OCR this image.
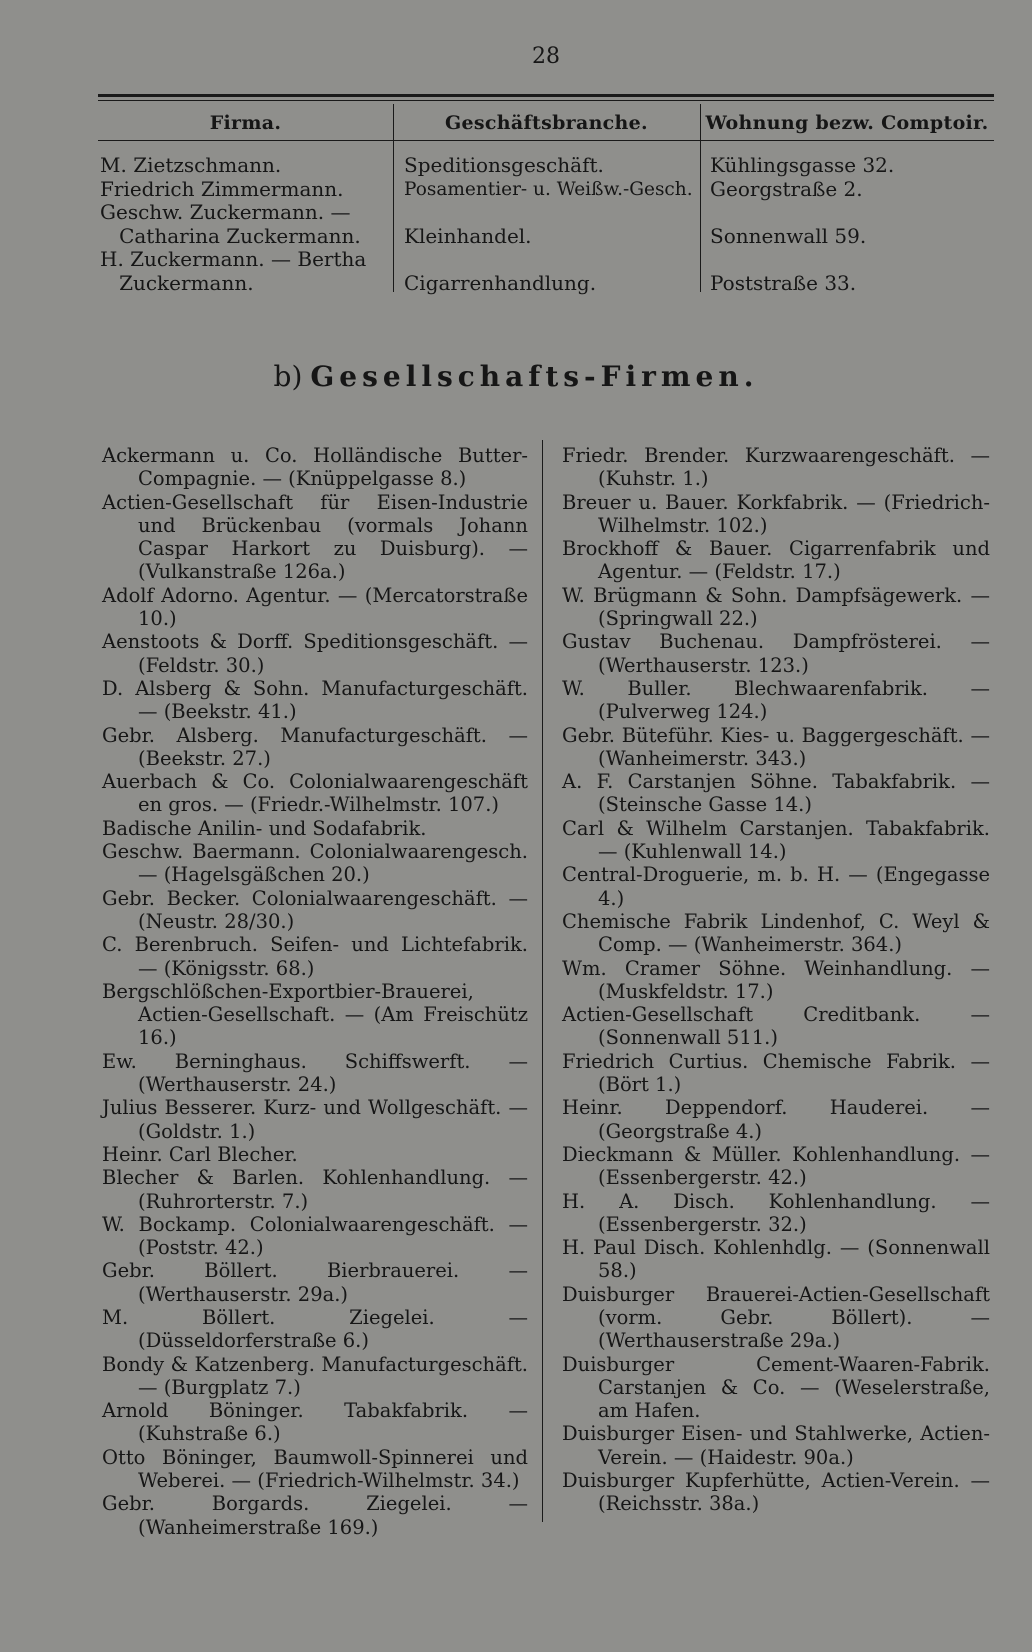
28
Firma.	Geschäftsbranche.	Wohnung bezw. Comptoir.
M. Zietzschmann.
Friedrich Zimmermann.
Geschw. Zuckermann. —
Catharina Zuckermann.
H. Zuckermann. — Bertha
Zuckermann.
Speditionsgeschäft.
Posamentier- u. Weißw.-Gesch.
Kleinhandel.
Cigarrenhandlung.
Kühlingsgasse 32.
Georgstraße 2.
Sonnenwall 59.
Poststraße 33.
b) Gesellschafts-Firmen.
Ackermann u. Co. Holländische Butter-Compagnie. — (Knüppelgasse 8.)
Actien-Gesellschaft für Eisen-Industrie und Brückenbau (vormals Johann Caspar Harkort zu Duisburg). — (Vulkanstraße 126a.)
Adolf Adorno. Agentur. — (Mercatorstraße 10.)
Aenstoots & Dorff. Speditionsgeschäft. — (Feldstr. 30.)
D. Alsberg & Sohn. Manufacturgeschäft. — (Beekstr. 41.)
Gebr. Alsberg. Manufacturgeschäft. — (Beekstr. 27.)
Auerbach & Co. Colonialwaarengeschäft en gros. — (Friedr.-Wilhelmstr. 107.)
Badische Anilin- und Sodafabrik.
Geschw. Baermann. Colonialwaarengesch. — (Hagelsgäßchen 20.)
Gebr. Becker. Colonialwaarengeschäft. — (Neustr. 28/30.)
C. Berenbruch. Seifen- und Lichtefabrik. — (Königsstr. 68.)
Bergschlößchen-Exportbier-Brauerei, Actien-Gesellschaft. — (Am Freischütz 16.)
Ew. Berninghaus. Schiffswerft. — (Werthauserstr. 24.)
Julius Besserer. Kurz- und Wollgeschäft. — (Goldstr. 1.)
Heinr. Carl Blecher.
Blecher & Barlen. Kohlenhandlung. — (Ruhrorterstr. 7.)
W. Bockamp. Colonialwaarengeschäft. — (Poststr. 42.)
Gebr. Böllert. Bierbrauerei. — (Werthauserstr. 29a.)
M. Böllert. Ziegelei. — (Düsseldorferstraße 6.)
Bondy & Katzenberg. Manufacturgeschäft. — (Burgplatz 7.)
Arnold Böninger. Tabakfabrik. — (Kuhstraße 6.)
Otto Böninger, Baumwoll-Spinnerei und Weberei. — (Friedrich-Wilhelmstr. 34.)
Gebr. Borgards. Ziegelei. — (Wanheimerstraße 169.)
Friedr. Brender. Kurzwaarengeschäft. — (Kuhstr. 1.)
Breuer u. Bauer. Korkfabrik. — (Friedrich-Wilhelmstr. 102.)
Brockhoff & Bauer. Cigarrenfabrik und Agentur. — (Feldstr. 17.)
W. Brügmann & Sohn. Dampfsägewerk. — (Springwall 22.)
Gustav Buchenau. Dampfrösterei. — (Werthauserstr. 123.)
W. Buller. Blechwaarenfabrik. — (Pulverweg 124.)
Gebr. Büteführ. Kies- u. Baggergeschäft. — (Wanheimerstr. 343.)
A. F. Carstanjen Söhne. Tabakfabrik. — (Steinsche Gasse 14.)
Carl & Wilhelm Carstanjen. Tabakfabrik. — (Kuhlenwall 14.)
Central-Droguerie, m. b. H. — (Engegasse 4.)
Chemische Fabrik Lindenhof, C. Weyl & Comp. — (Wanheimerstr. 364.)
Wm. Cramer Söhne. Weinhandlung. — (Muskfeldstr. 17.)
Actien-Gesellschaft Creditbank. — (Sonnenwall 511.)
Friedrich Curtius. Chemische Fabrik. — (Bört 1.)
Heinr. Deppendorf. Hauderei. — (Georgstraße 4.)
Dieckmann & Müller. Kohlenhandlung. — (Essenbergerstr. 42.)
H. A. Disch. Kohlenhandlung. — (Essenbergerstr. 32.)
H. Paul Disch. Kohlenhdlg. — (Sonnenwall 58.)
Duisburger Brauerei-Actien-Gesellschaft (vorm. Gebr. Böllert). — (Werthauserstraße 29a.)
Duisburger Cement-Waaren-Fabrik. Carstanjen & Co. — (Weselerstraße, am Hafen.
Duisburger Eisen- und Stahlwerke, Actien-Verein. — (Haidestr. 90a.)
Duisburger Kupferhütte, Actien-Verein. — (Reichsstr. 38a.)
